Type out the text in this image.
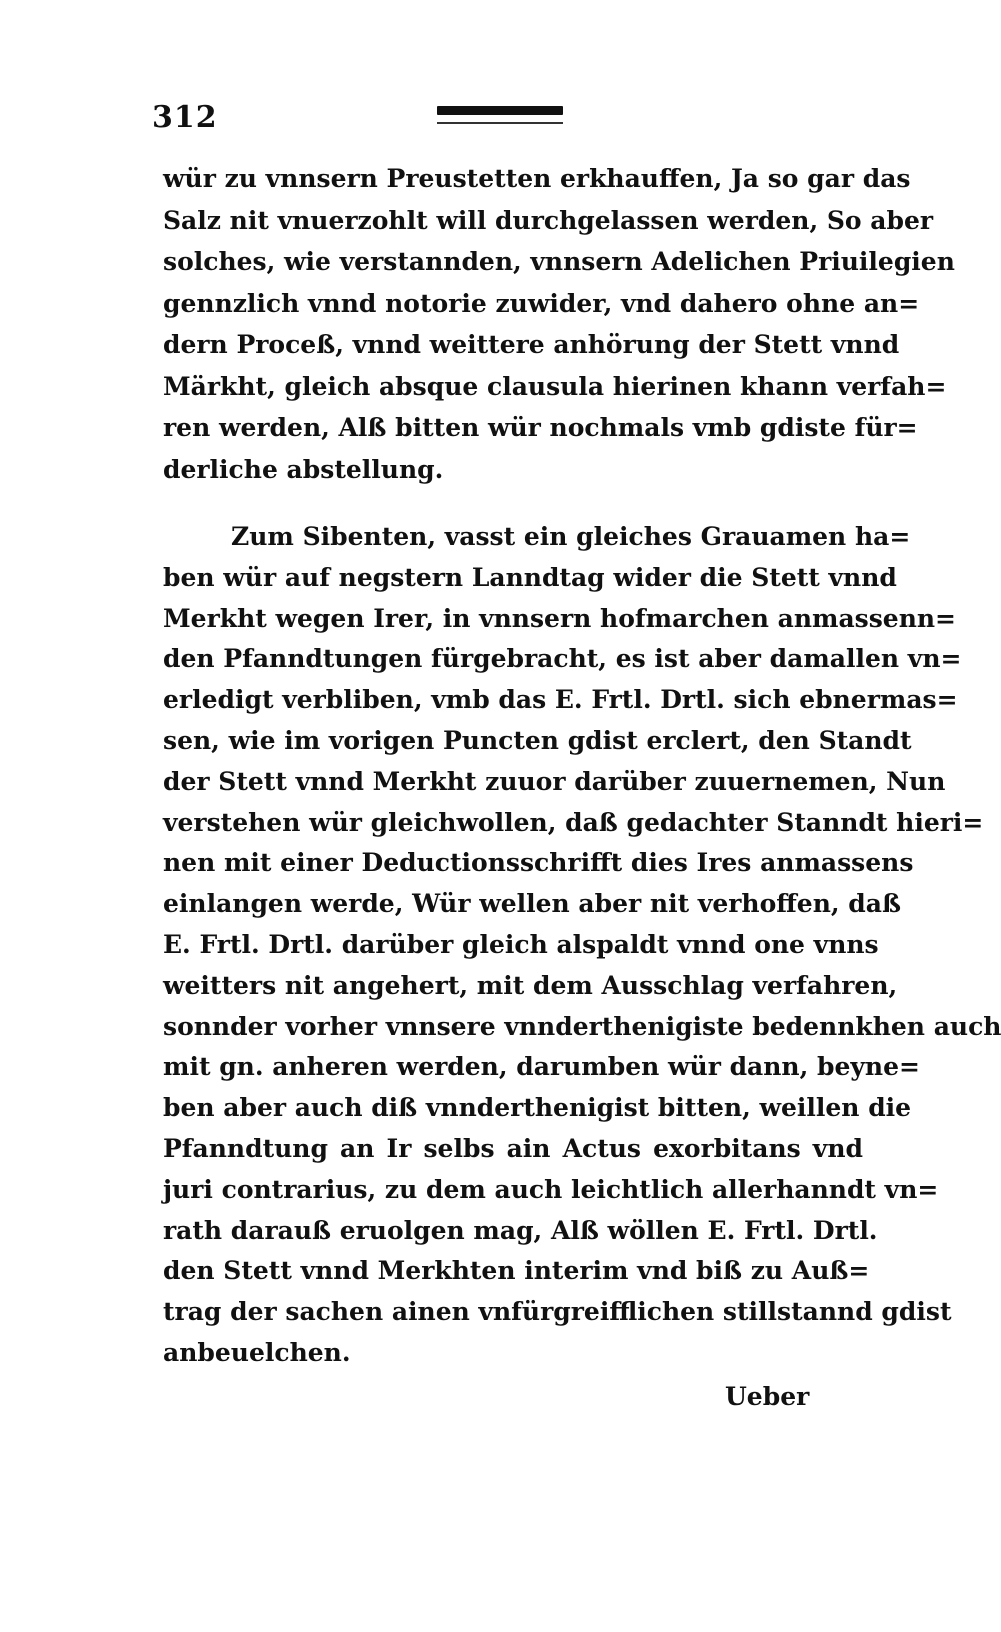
312
wür zu vnnsern Preustetten erkhauffen, Ja so gar das
Salz nit vnuerzohlt will durchgelassen werden, So aber
solches, wie verstannden, vnnsern Adelichen Priuilegien
gennzlich vnnd notorie zuwider, vnd dahero ohne an=
dern Proceß, vnnd weittere anhörung der Stett vnnd
Märkht, gleich absque clausula hierinen khann verfah=
ren werden, Alß bitten wür nochmals vmb gdiste für=
derliche abstellung.
Zum Sibenten, vasst ein gleiches Grauamen ha=
ben wür auf negstern Lanndtag wider die Stett vnnd
Merkht wegen Irer, in vnnsern hofmarchen anmassenn=
den Pfanndtungen fürgebracht, es ist aber damallen vn=
erledigt verbliben, vmb das E. Frtl. Drtl. sich ebnermas=
sen, wie im vorigen Puncten gdist erclert, den Standt
der Stett vnnd Merkht zuuor darüber zuuernemen, Nun
verstehen wür gleichwollen, daß gedachter Stanndt hieri=
nen mit einer Deductionsschrifft dies Ires anmassens
einlangen werde, Wür wellen aber nit verhoffen, daß
E. Frtl. Drtl. darüber gleich alspaldt vnnd one vnns
weitters nit angehert, mit dem Ausschlag verfahren,
sonnder vorher vnnsere vnnderthenigiste bedennkhen auch
mit gn. anheren werden, darumben wür dann, beyne=
ben aber auch diß vnnderthenigist bitten, weillen die
Pfanndtung an Ir selbs ain Actus exorbitans vnd
juri contrarius, zu dem auch leichtlich allerhanndt vn=
rath darauß eruolgen mag, Alß wöllen E. Frtl. Drtl.
den Stett vnnd Merkhten interim vnd biß zu Auß=
trag der sachen ainen vnfürgreifflichen stillstannd gdist
anbeuelchen.
Ueber
